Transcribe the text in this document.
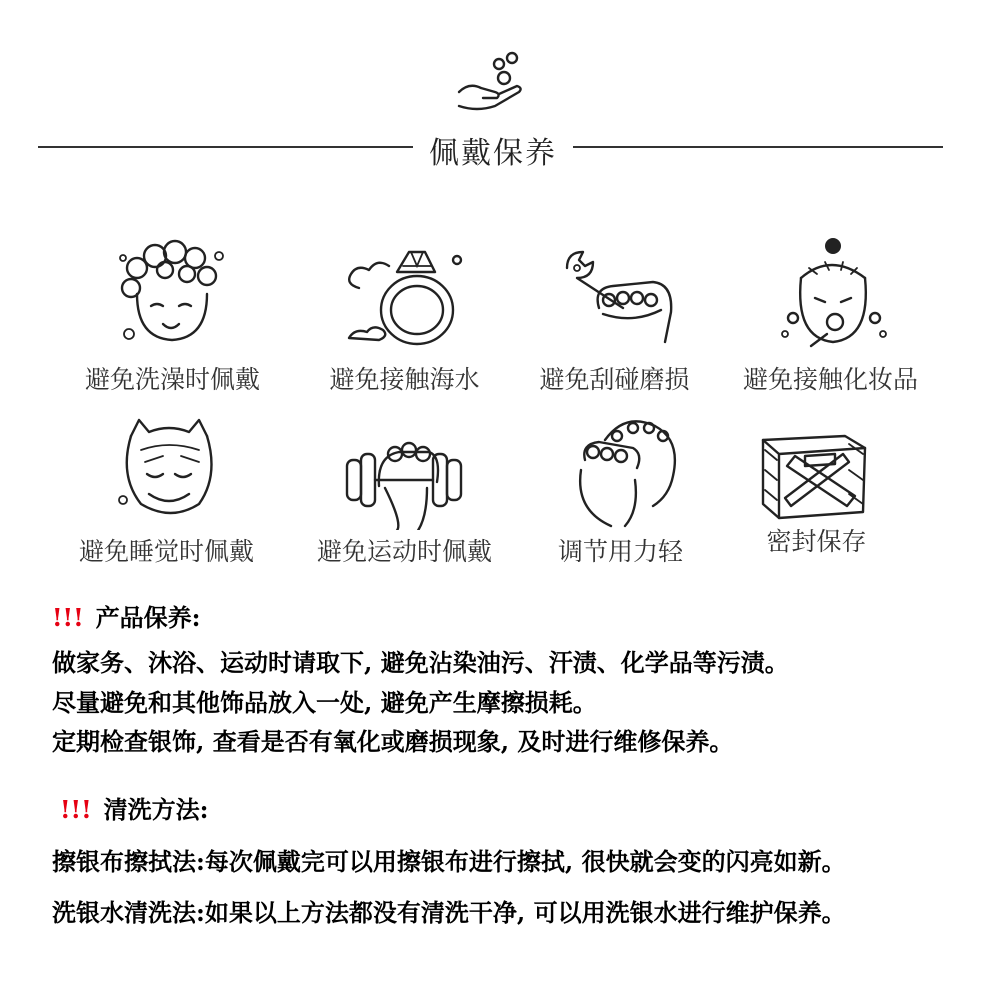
佩戴保养
避免洗澡时佩戴	避免接触海水	避免刮碰磨损	避免接触化妆品
避免睡觉时佩戴	避免运动时佩戴	调节用力轻	密封保存
!!! 产品保养:
做家务、沐浴、运动时请取下, 避免沾染油污、汗渍、化学品等污渍。
尽量避免和其他饰品放入一处, 避免产生摩擦损耗。
定期检查银饰, 查看是否有氧化或磨损现象, 及时进行维修保养。
!!! 清洗方法:
擦银布擦拭法:每次佩戴完可以用擦银布进行擦拭, 很快就会变的闪亮如新。
洗银水清洗法:如果以上方法都没有清洗干净, 可以用洗银水进行维护保养。
